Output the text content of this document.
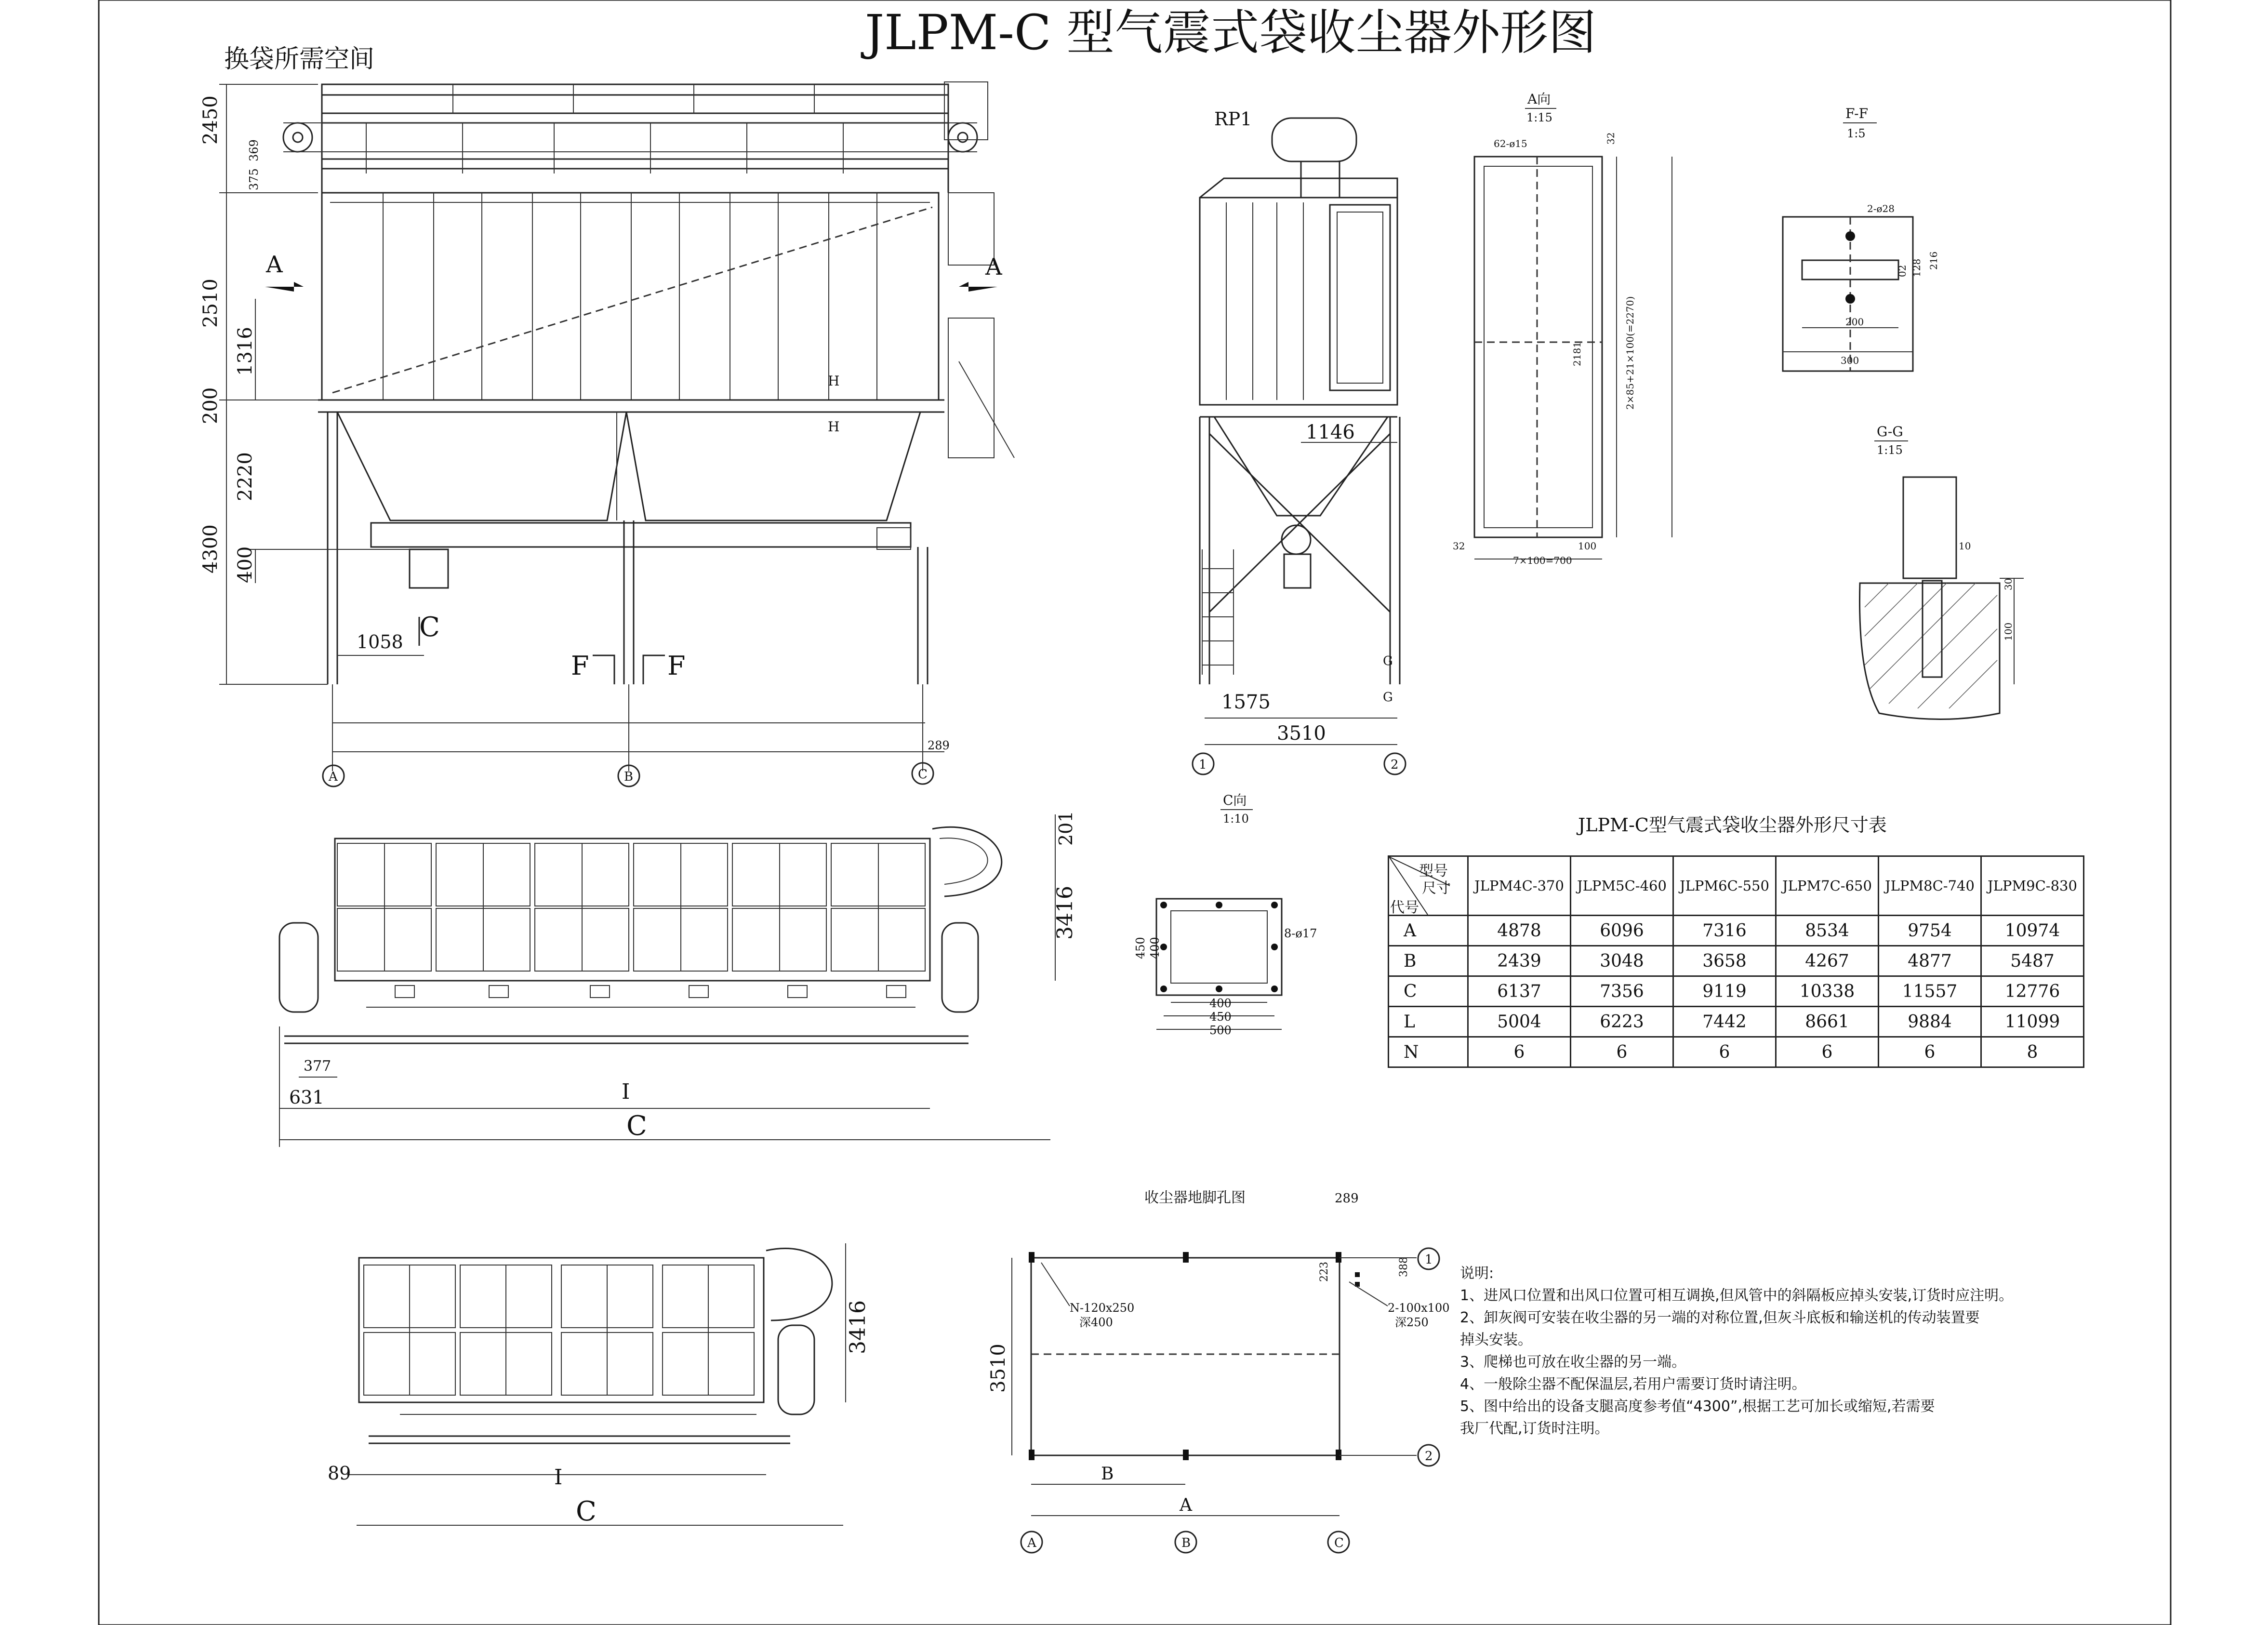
JLPM-C 型气震式袋收尘器外形图
换袋所需空间
2450
2510
1316
200
2220
4300 400
375
369
1058 C
A	A
H
H
F	F
289
A	B	C
RP1
1146
1575
3510
G
G
1	2
A向
1:15
62-ø15	32
2181	2×85+21×100(=2270)
7×100=700
32	100
F-F
1:5
2-ø28
200
300
216
128
02
G-G
1:15
10
30
100
C向
1:10
8-ø17
450 400
400
450
500
201
3416
377
631	I
C
3416
89	I
C
收尘器地脚孔图
N-120x250
深400
2-100x100
深250
289
388
223
3510
B
A
A	B	C
1
2
JLPM-C型气震式袋收尘器外形尺寸表
型号
尺寸
代号	JLPM4C-370	JLPM5C-460	JLPM6C-550	JLPM7C-650	JLPM8C-740	JLPM9C-830
A	4878	6096	7316	8534	9754	10974
B	2439	3048	3658	4267	4877	5487
C	6137	7356	9119	10338	11557	12776
L	5004	6223	7442	8661	9884	11099
N	6	6	6	6	6	8
说明:
1、进风口位置和出风口位置可相互调换,但风管中的斜隔板应掉头安装,订货时应注明。
2、卸灰阀可安装在收尘器的另一端的对称位置,但灰斗底板和输送机的传动装置要
掉头安装。
3、爬梯也可放在收尘器的另一端。
4、一般除尘器不配保温层,若用户需要订货时请注明。
5、图中给出的设备支腿高度参考值“4300”,根据工艺可加长或缩短,若需要
我厂代配,订货时注明。
